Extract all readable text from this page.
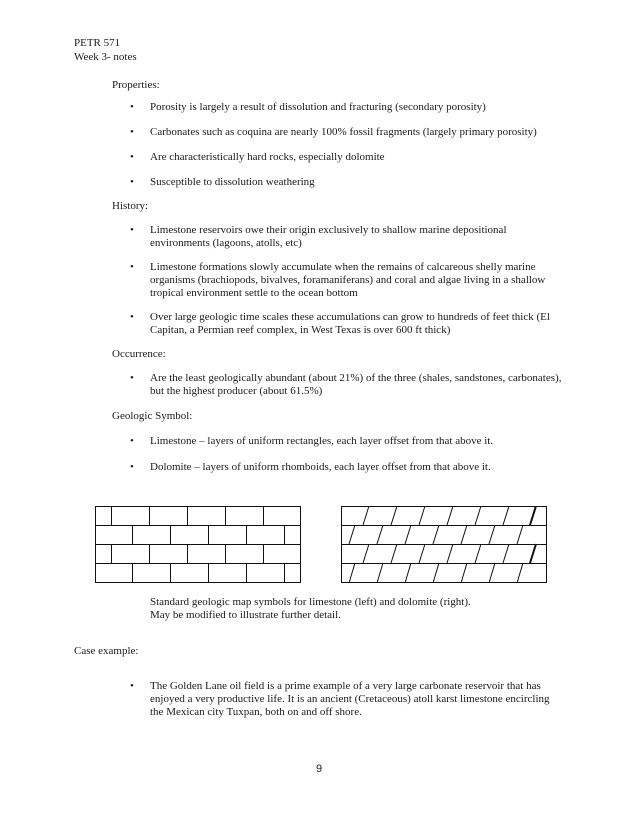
PETR 571
Week 3- notes
Properties:
• Porosity is largely a result of dissolution and fracturing (secondary porosity)
• Carbonates such as coquina are nearly 100% fossil fragments (largely primary porosity)
• Are characteristically hard rocks, especially dolomite
• Susceptible to dissolution weathering
History:
• Limestone reservoirs owe their origin exclusively to shallow marine depositional environments (lagoons, atolls, etc)
• Limestone formations slowly accumulate when the remains of calcareous shelly marine organisms (brachiopods, bivalves, foramaniferans) and coral and algae living in a shallow tropical environment settle to the ocean bottom
• Over large geologic time scales these accumulations can grow to hundreds of feet thick (El Capitan, a Permian reef complex, in West Texas is over 600 ft thick)
Occurrence:
• Are the least geologically abundant (about 21%) of the three (shales, sandstones, carbonates), but the highest producer (about 61.5%)
Geologic Symbol:
• Limestone – layers of uniform rectangles, each layer offset from that above it.
• Dolomite – layers of uniform rhomboids, each layer offset from that above it.
Standard geologic map symbols for limestone (left) and dolomite (right). May be modified to illustrate further detail.
Case example:
• The Golden Lane oil field is a prime example of a very large carbonate reservoir that has enjoyed a very productive life. It is an ancient (Cretaceous) atoll karst limestone encircling the Mexican city Tuxpan, both on and off shore.
9
